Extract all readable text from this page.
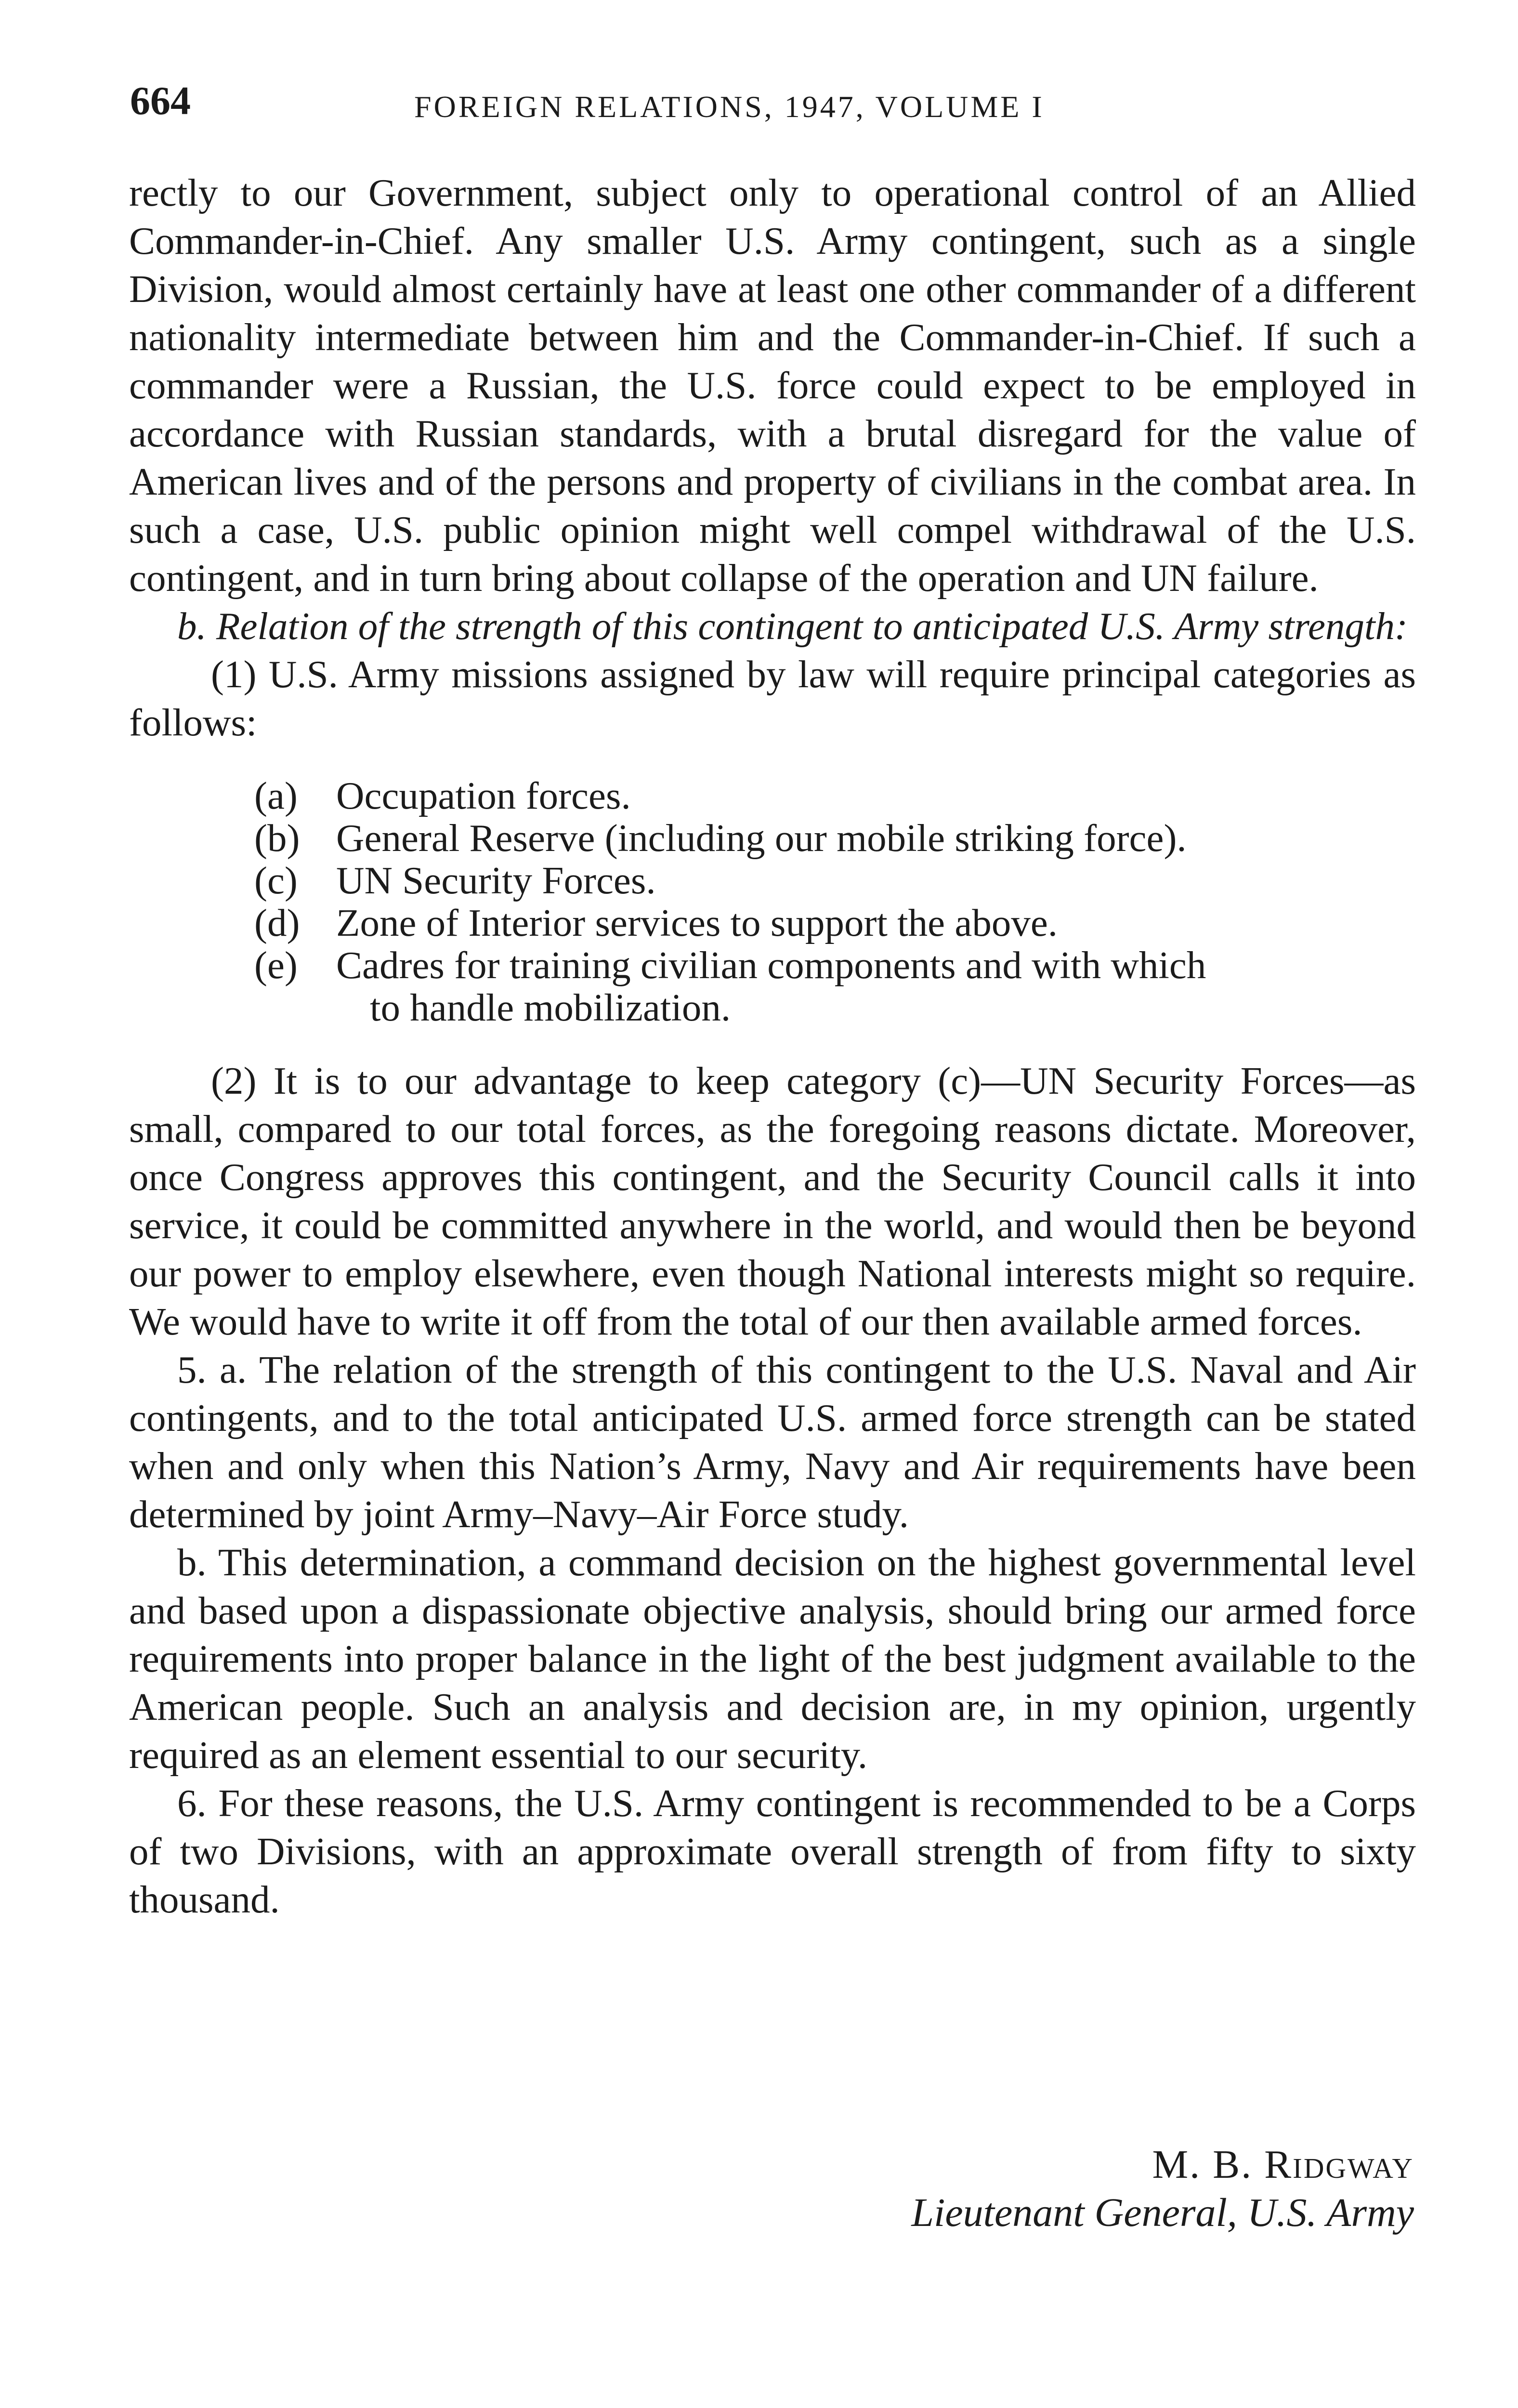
664	FOREIGN RELATIONS, 1947, VOLUME I

rectly to our Government, subject only to operational control of an Allied Commander-in-Chief. Any smaller U.S. Army contingent, such as a single Division, would almost certainly have at least one other commander of a different nationality intermediate between him and the Commander-in-Chief. If such a commander were a Russian, the U.S. force could expect to be employed in accordance with Russian standards, with a brutal disregard for the value of American lives and of the persons and property of civilians in the combat area. In such a case, U.S. public opinion might well compel withdrawal of the U.S. contingent, and in turn bring about collapse of the operation and UN failure.

b. Relation of the strength of this contingent to anticipated U.S. Army strength:

(1) U.S. Army missions assigned by law will require principal categories as follows:

(a) Occupation forces.
(b) General Reserve (including our mobile striking force).
(c) UN Security Forces.
(d) Zone of Interior services to support the above.
(e) Cadres for training civilian components and with which
to handle mobilization.

(2) It is to our advantage to keep category (c)—UN Security Forces—as small, compared to our total forces, as the foregoing reasons dictate. Moreover, once Congress approves this contingent, and the Security Council calls it into service, it could be committed anywhere in the world, and would then be beyond our power to employ elsewhere, even though National interests might so require. We would have to write it off from the total of our then available armed forces.

5. a. The relation of the strength of this contingent to the U.S. Naval and Air contingents, and to the total anticipated U.S. armed force strength can be stated when and only when this Nation’s Army, Navy and Air requirements have been determined by joint Army–Navy–Air Force study.

b. This determination, a command decision on the highest governmental level and based upon a dispassionate objective analysis, should bring our armed force requirements into proper balance in the light of the best judgment available to the American people. Such an analysis and decision are, in my opinion, urgently required as an element essential to our security.

6. For these reasons, the U.S. Army contingent is recommended to be a Corps of two Divisions, with an approximate overall strength of from fifty to sixty thousand.

M. B. Ridgway
Lieutenant General, U.S. Army
